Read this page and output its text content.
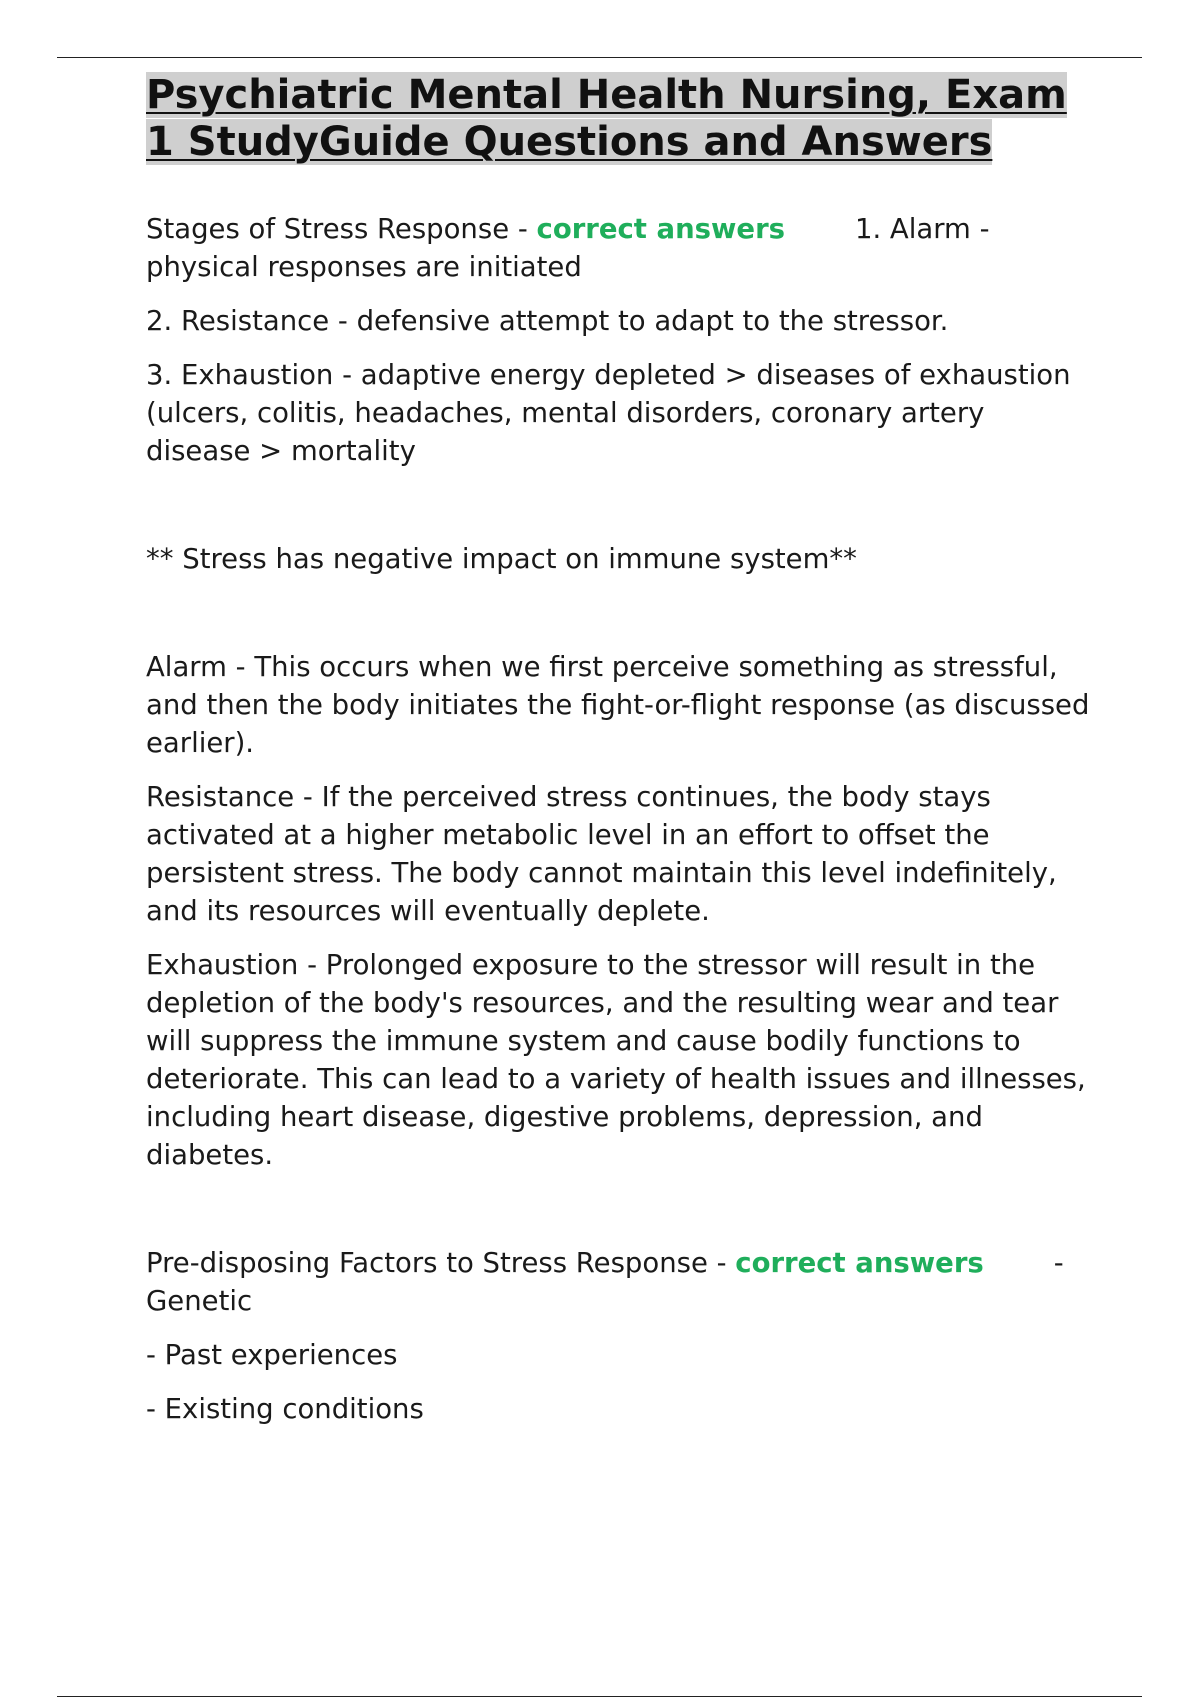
Psychiatric Mental Health Nursing, Exam 1 StudyGuide Questions and Answers

Stages of Stress Response - correct answers        1. Alarm - physical responses are initiated

2. Resistance - defensive attempt to adapt to the stressor.

3. Exhaustion - adaptive energy depleted > diseases of exhaustion (ulcers, colitis, headaches, mental disorders, coronary artery disease > mortality

** Stress has negative impact on immune system**

Alarm - This occurs when we first perceive something as stressful, and then the body initiates the fight-or-flight response (as discussed earlier).

Resistance - If the perceived stress continues, the body stays activated at a higher metabolic level in an effort to offset the persistent stress. The body cannot maintain this level indefinitely, and its resources will eventually deplete.

Exhaustion - Prolonged exposure to the stressor will result in the depletion of the body's resources, and the resulting wear and tear will suppress the immune system and cause bodily functions to deteriorate. This can lead to a variety of health issues and illnesses, including heart disease, digestive problems, depression, and diabetes.

Pre-disposing Factors to Stress Response - correct answers        - Genetic

- Past experiences

- Existing conditions
